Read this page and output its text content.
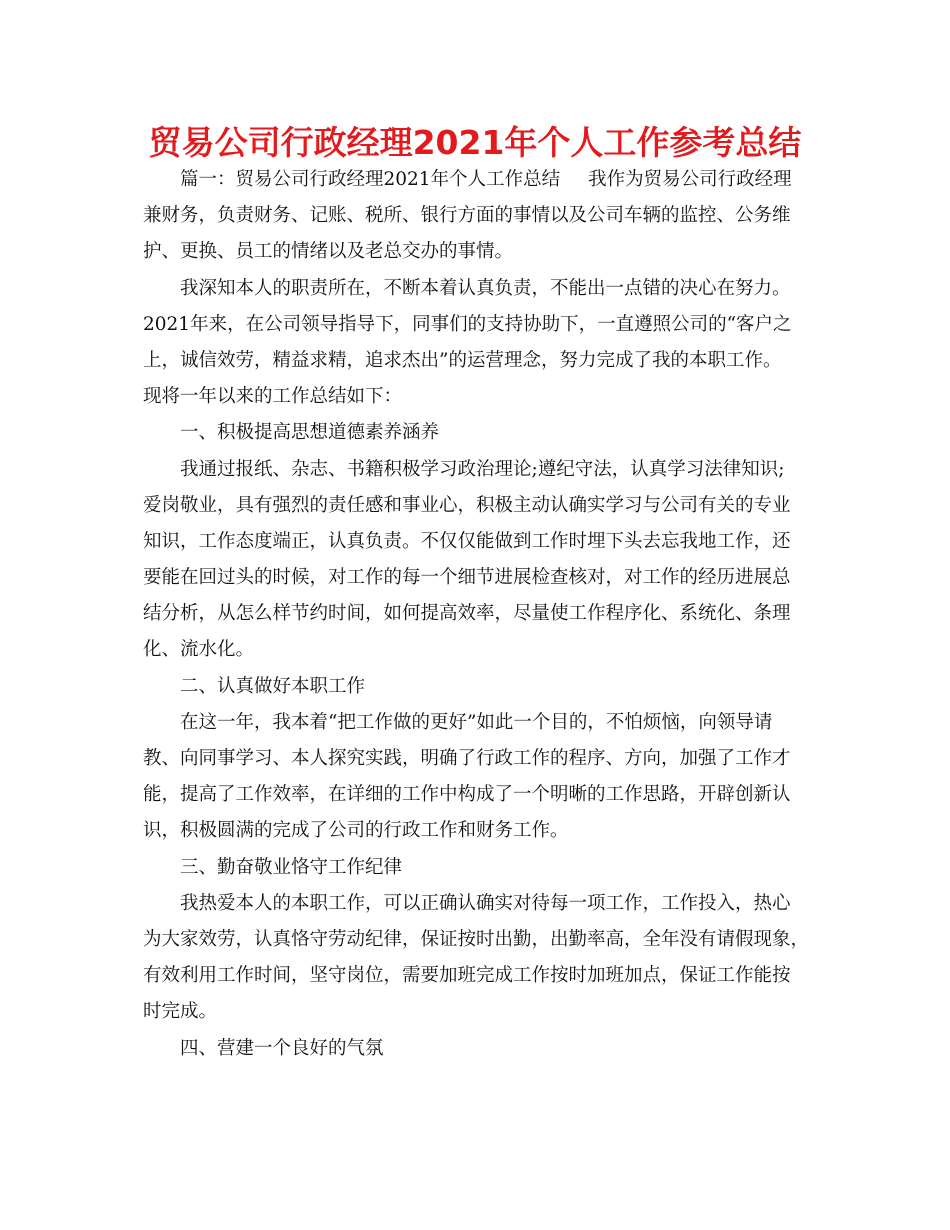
贸易公司行政经理2021年个人工作参考总结
篇一：贸易公司行政经理2021年个人工作总结 我作为贸易公司行政经理
兼财务，负责财务、记账、税所、银行方面的事情以及公司车辆的监控、公务维
护、更换、员工的情绪以及老总交办的事情。
我深知本人的职责所在，不断本着认真负责，不能出一点错的决心在努力。
2021年来，在公司领导指导下，同事们的支持协助下，一直遵照公司的“客户之
上，诚信效劳，精益求精，追求杰出”的运营理念，努力完成了我的本职工作。
现将一年以来的工作总结如下：
一、积极提高思想道德素养涵养
我通过报纸、杂志、书籍积极学习政治理论;遵纪守法，认真学习法律知识;
爱岗敬业，具有强烈的责任感和事业心，积极主动认确实学习与公司有关的专业
知识，工作态度端正，认真负责。不仅仅能做到工作时埋下头去忘我地工作，还
要能在回过头的时候，对工作的每一个细节进展检查核对，对工作的经历进展总
结分析，从怎么样节约时间，如何提高效率，尽量使工作程序化、系统化、条理
化、流水化。
二、认真做好本职工作
在这一年，我本着“把工作做的更好”如此一个目的，不怕烦恼，向领导请
教、向同事学习、本人探究实践，明确了行政工作的程序、方向，加强了工作才
能，提高了工作效率，在详细的工作中构成了一个明晰的工作思路，开辟创新认
识，积极圆满的完成了公司的行政工作和财务工作。
三、勤奋敬业恪守工作纪律
我热爱本人的本职工作，可以正确认确实对待每一项工作，工作投入，热心
为大家效劳，认真恪守劳动纪律，保证按时出勤，出勤率高，全年没有请假现象，
有效利用工作时间，坚守岗位，需要加班完成工作按时加班加点，保证工作能按
时完成。
四、营建一个良好的气氛
